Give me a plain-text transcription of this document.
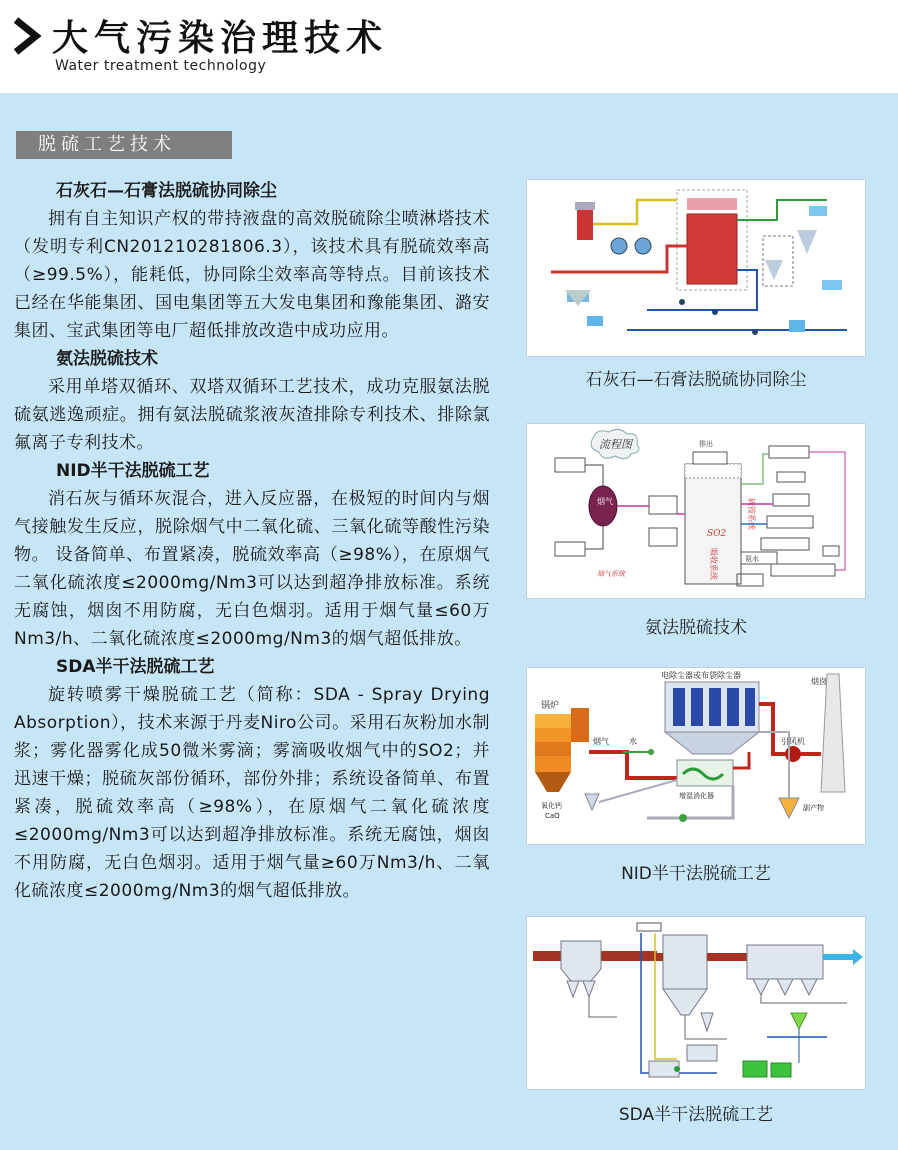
大气污染治理技术
Water treatment technology
脱硫工艺技术
石灰石—石膏法脱硫协同除尘
拥有自主知识产权的带持液盘的高效脱硫除尘喷淋塔技术（发明专利CN201210281806.3），该技术具有脱硫效率高（≥99.5%），能耗低，协同除尘效率高等特点。目前该技术已经在华能集团、国电集团等五大发电集团和豫能集团、潞安集团、宝武集团等电厂超低排放改造中成功应用。
氨法脱硫技术
采用单塔双循环、双塔双循环工艺技术，成功克服氨法脱硫氨逃逸顽症。拥有氨法脱硫浆液灰渣排除专利技术、排除氯氟离子专利技术。
NID半干法脱硫工艺
消石灰与循环灰混合，进入反应器，在极短的时间内与烟气接触发生反应，脱除烟气中二氧化硫、三氧化硫等酸性污染物。 设备简单、布置紧凑，脱硫效率高（≥98%），在原烟气二氧化硫浓度≤2000mg/Nm3可以达到超净排放标准。系统无腐蚀，烟囱不用防腐，无白色烟羽。适用于烟气量≤60万Nm3/h、二氧化硫浓度≤2000mg/Nm3的烟气超低排放。
SDA半干法脱硫工艺
旋转喷雾干燥脱硫工艺（简称：SDA - Spray Drying Absorption），技术来源于丹麦Niro公司。采用石灰粉加水制浆；雾化器雾化成50微米雾滴；雾滴吸收烟气中的SO2；并迅速干燥；脱硫灰部份循环，部份外排；系统设备简单、布置紧凑，脱硫效率高（≥98%），在原烟气二氧化硫浓度≤2000mg/Nm3可以达到超净排放标准。系统无腐蚀，烟囱不用防腐，无白色烟羽。适用于烟气量≥60万Nm3/h、二氧化硫浓度≤2000mg/Nm3的烟气超低排放。
石灰石—石膏法脱硫协同除尘
流程图
烟气
排出
SO2
吸收系统
硫铵系统
烟气系统
氨水
氨法脱硫技术
锅炉
烟气	水
电除尘器或布袋除尘器
增湿消化器
引风机
烟囱
氧化钙
CaO
副产物
NID半干法脱硫工艺
SDA半干法脱硫工艺
